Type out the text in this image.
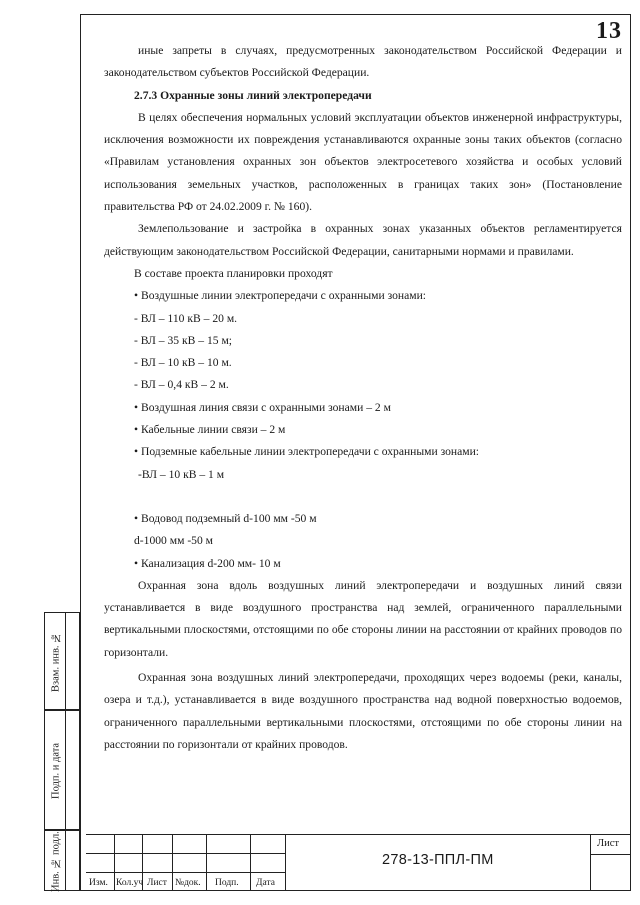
13

иные запреты в случаях, предусмотренных законодательством Российской Федерации и законодательством субъектов Российской Федерации.

2.7.3 Охранные зоны линий электропередачи

В целях обеспечения нормальных условий эксплуатации объектов инженерной инфраструктуры, исключения возможности их повреждения устанавливаются охранные зоны таких объектов (согласно «Правилам установления охранных зон объектов электросетевого хозяйства и особых условий использования земельных участков, расположенных в границах таких зон» (Постановление правительства РФ от 24.02.2009 г. № 160).

Землепользование и застройка в охранных зонах указанных объектов регламентируется действующим законодательством Российской Федерации, санитарными нормами и правилами.

В составе проекта планировки проходят

• Воздушные линии электропередачи с охранными зонами:

- ВЛ – 110 кВ – 20 м.

- ВЛ – 35 кВ – 15 м;

- ВЛ – 10 кВ – 10 м.

- ВЛ – 0,4 кВ – 2 м.

• Воздушная линия связи с охранными зонами – 2 м

• Кабельные линии связи – 2 м

• Подземные кабельные линии электропередачи с охранными зонами:

-ВЛ – 10 кВ – 1 м

• Водовод подземный d-100 мм -50 м

d-1000 мм -50 м

• Канализация d-200 мм- 10 м

Охранная зона вдоль воздушных линий электропередачи и воздушных линий связи устанавливается в виде воздушного пространства над землей, ограниченного параллельными вертикальными плоскостями, отстоящими по обе стороны линии на расстоянии от крайних проводов по горизонтали.

Охранная зона воздушных линий электропередачи, проходящих через водоемы (реки, каналы, озера и т.д.), устанавливается в виде воздушного пространства над водной поверхностью водоемов, ограниченного параллельными вертикальными плоскостями, отстоящими по обе стороны линии на расстоянии по горизонтали от крайних проводов.

Взам. инв. №
Подп. и дата
Инв. № подл.	Изм. Кол.уч Лист №док. Подп. Дата
Лист
278-13-ППЛ-ПМ
